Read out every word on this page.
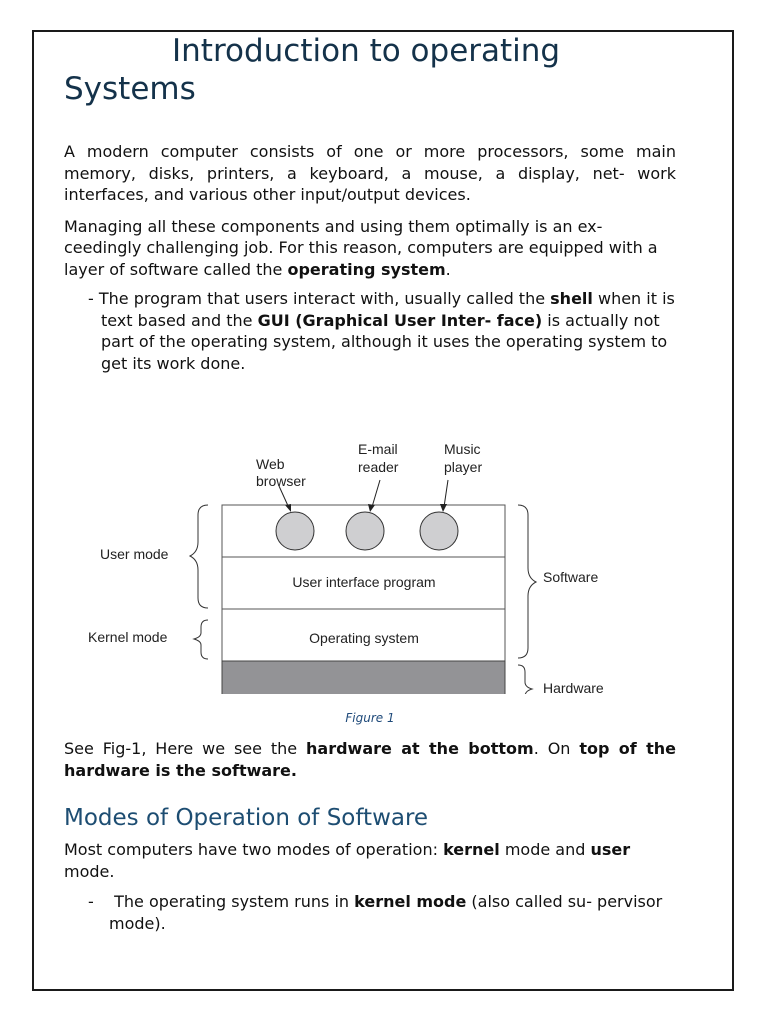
Introduction to operating
Systems

A modern computer consists of one or more processors, some main memory, disks, printers, a keyboard, a mouse, a display, net- work interfaces, and various other input/output devices.

Managing all these components and using them optimally is an ex- ceedingly challenging job. For this reason, computers are equipped with a layer of software called the operating system.

- The program that users interact with, usually called the shell when it is text based and the GUI (Graphical User Inter- face) is actually not part of the operating system, although it uses the operating system to get its work done.

Web
browser
E-mail
reader
Music
player
User interface program
Operating system
User mode
Kernel mode
Software
Hardware
Figure 1

See Fig-1, Here we see the hardware at the bottom. On top of the hardware is the software.

Modes of Operation of Software

Most computers have two modes of operation: kernel mode and user mode.

- The operating system runs in kernel mode (also called su- pervisor mode).
